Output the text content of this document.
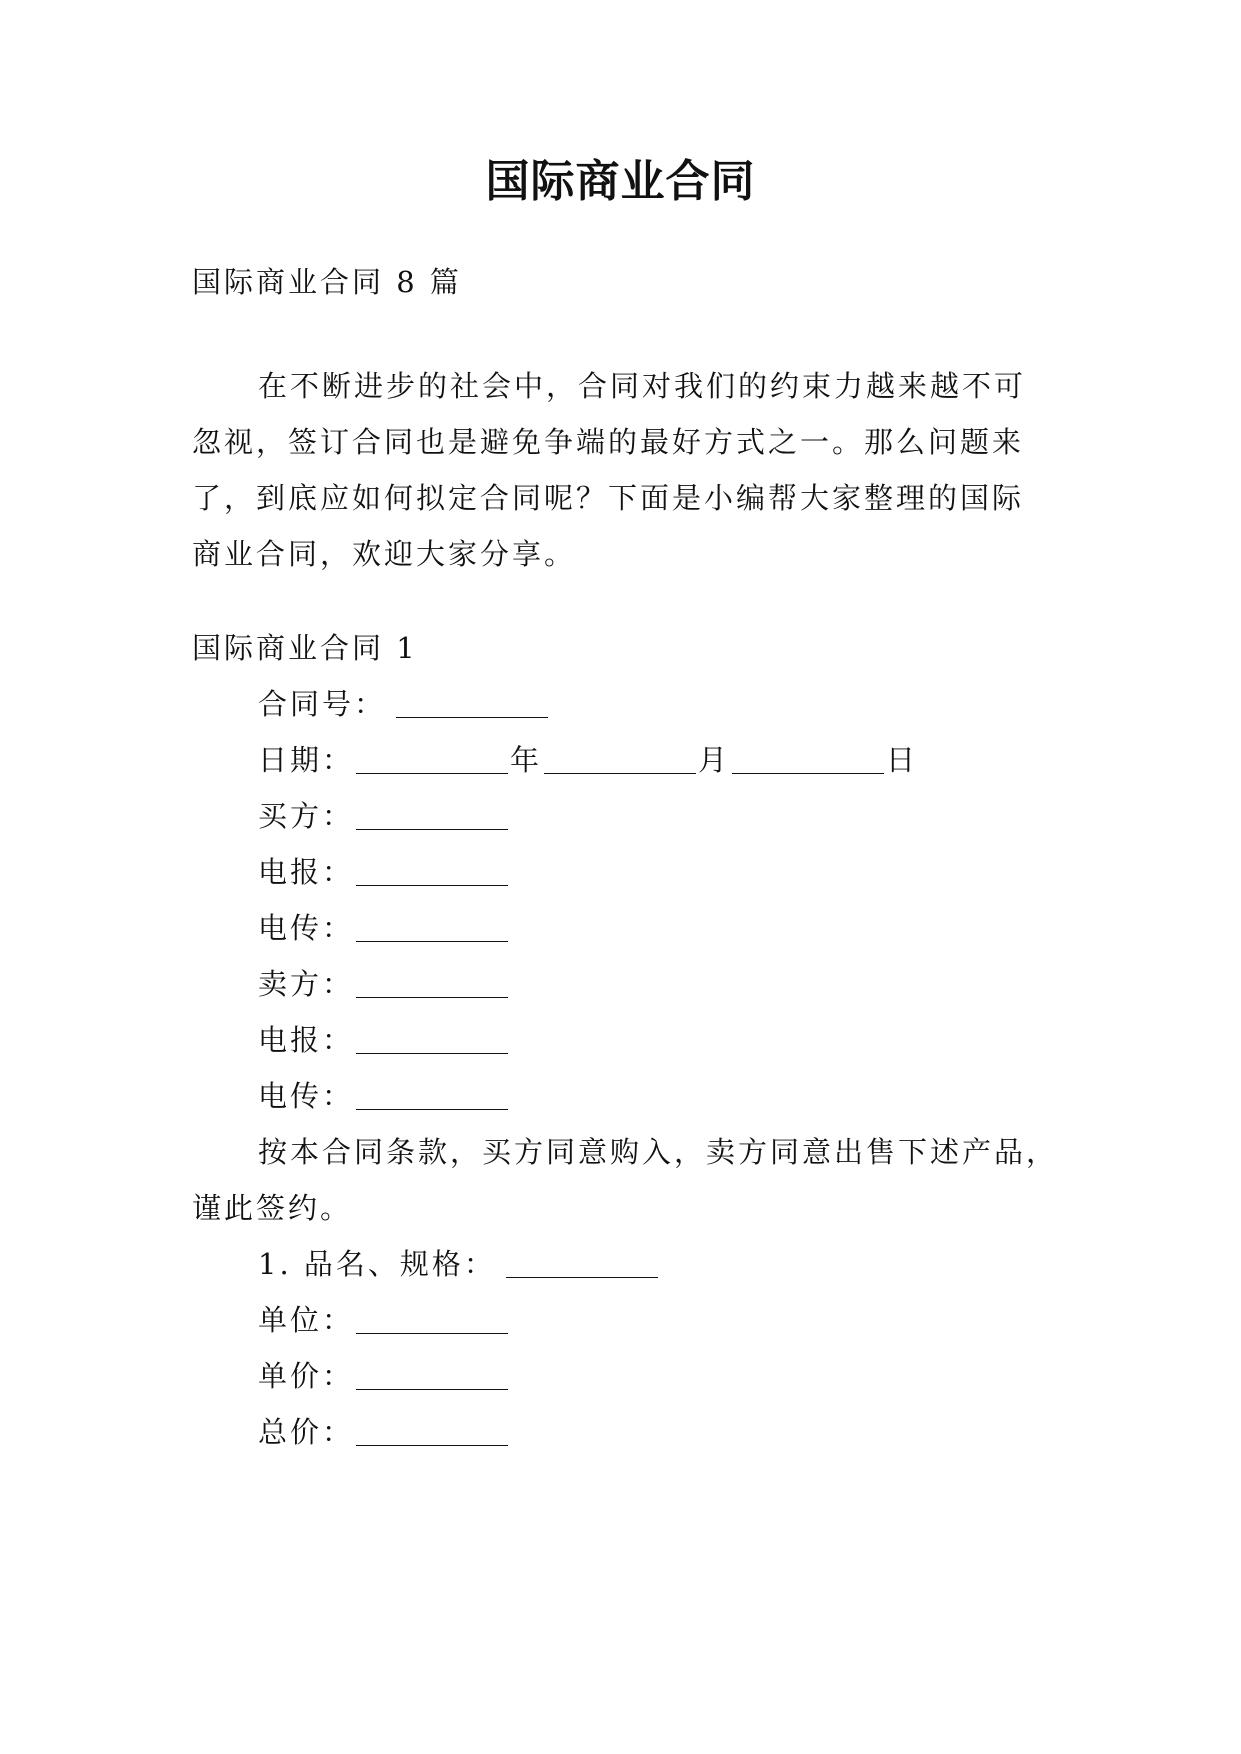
国际商业合同
国际商业合同 8 篇
在不断进步的社会中，合同对我们的约束力越来越不可
忽视，签订合同也是避免争端的最好方式之一。那么问题来
了，到底应如何拟定合同呢？下面是小编帮大家整理的国际
商业合同，欢迎大家分享。
国际商业合同 1
合同号：
日期：	年	月	日
买方：
电报：
电传：
卖方：
电报：
电传：
按本合同条款，买方同意购入，卖方同意出售下述产品，
谨此签约。
1. 品名、规格：
单位：
单价：
总价：
